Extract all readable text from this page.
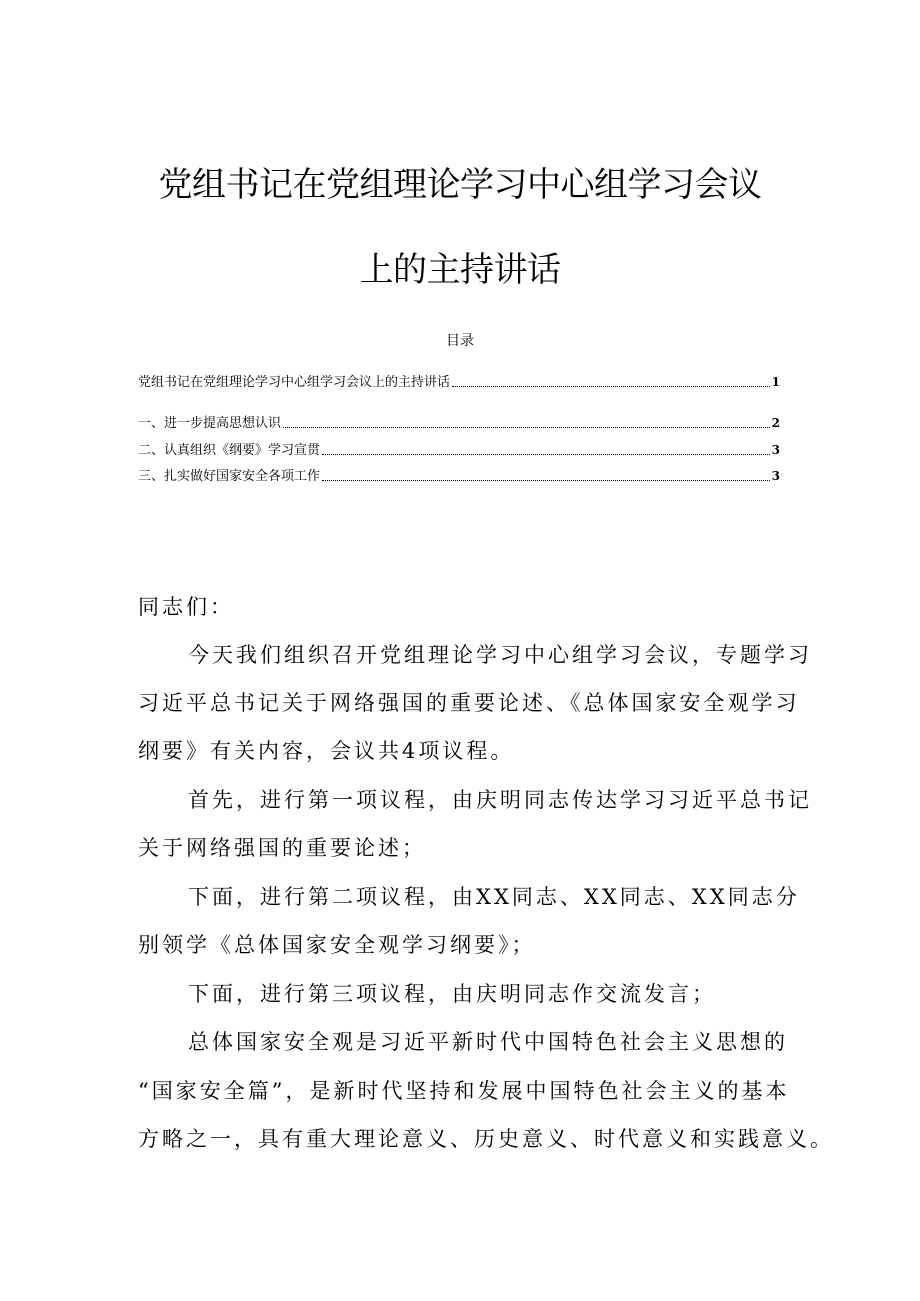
党组书记在党组理论学习中心组学习会议
上的主持讲话
目录
党组书记在党组理论学习中心组学习会议上的主持讲话	1
一、进一步提高思想认识	2
二、认真组织《纲要》学习宣贯	3
三、扎实做好国家安全各项工作	3
同志们：
今天我们组织召开党组理论学习中心组学习会议，专题学习
习近平总书记关于网络强国的重要论述、《总体国家安全观学习
纲要》有关内容，会议共4项议程。
首先，进行第一项议程，由庆明同志传达学习习近平总书记
关于网络强国的重要论述；
下面，进行第二项议程，由XX同志、XX同志、XX同志分
别领学《总体国家安全观学习纲要》；
下面，进行第三项议程，由庆明同志作交流发言；
总体国家安全观是习近平新时代中国特色社会主义思想的
“国家安全篇”，是新时代坚持和发展中国特色社会主义的基本
方略之一，具有重大理论意义、历史意义、时代意义和实践意义。
